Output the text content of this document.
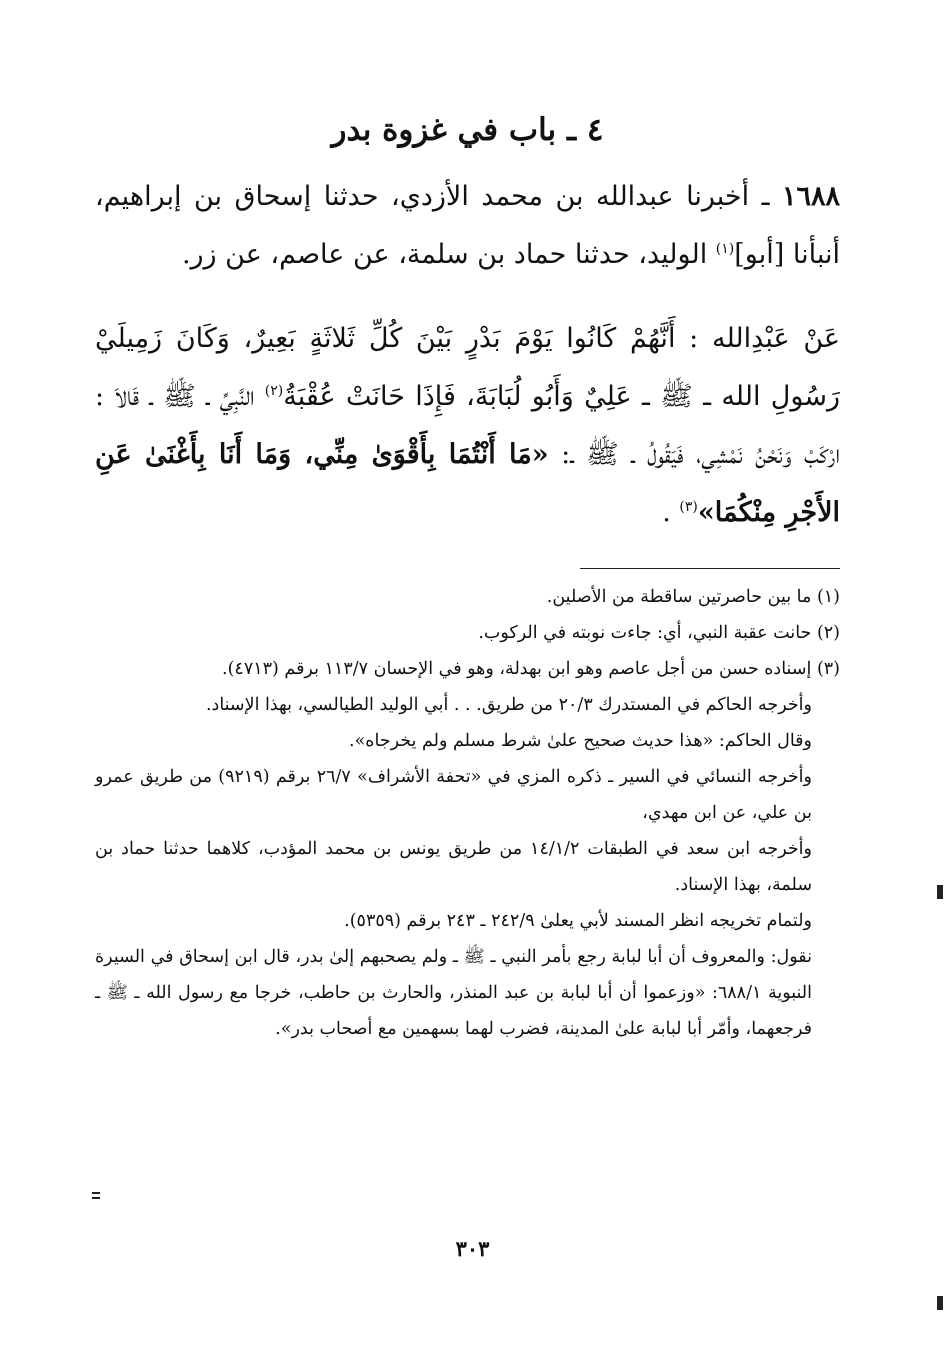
٤ ـ باب في غزوة بدر

١٦٨٨ ـ أخبرنا عبدالله بن محمد الأزدي، حدثنا إسحاق بن إبراهيم، أنبأنا [أبو]$^{(١)}$ الوليد، حدثنا حماد بن سلمة، عن عاصم، عن زر.

عَنْ عَبْدِالله : أَنَّهُمْ كَانُوا يَوْمَ بَدْرٍ بَيْنَ كُلِّ ثَلاثَةٍ بَعِيرٌ، وَكَانَ زَمِيلَيْ رَسُولِ الله ـ ﷺ ـ عَلِيٌ وَأَبُو لُبَابَةَ، فَإِذَا حَانَتْ عُقْبَةُ$^{(٢)}$ النَّبِيِّ ـ ﷺ ـ قَالاَ : ارْكَبْ وَنَحْنُ نَمْشِي، فَيَقُولُ ـ ﷺ ـ: «مَا أَنْتُمَا بِأَقْوَىٰ مِنِّي، وَمَا أَنَا بِأَغْنَىٰ عَنِ الأَجْرِ مِنْكُمَا»$^{(٣)}$ .

(١) ما بين حاصرتين ساقطة من الأصلين.

(٢) حانت عقبة النبي، أي: جاءت نوبته في الركوب.

(٣) إسناده حسن من أجل عاصم وهو ابن بهدلة، وهو في الإحسان ١١٣/٧ برقم (٤٧١٣).

وأخرجه الحاكم في المستدرك ٢٠/٣ من طريق. . . أبي الوليد الطيالسي، بهذا الإسناد.

وقال الحاكم: «هذا حديث صحيح علىٰ شرط مسلم ولم يخرجاه».

وأخرجه النسائي في السير ـ ذكره المزي في «تحفة الأشراف» ٢٦/٧ برقم (٩٢١٩) من طريق عمرو بن علي، عن ابن مهدي،

وأخرجه ابن سعد في الطبقات ١٤/١/٢ من طريق يونس بن محمد المؤدب، كلاهما حدثنا حماد بن سلمة، بهذا الإسناد.

ولتمام تخريجه انظر المسند لأبي يعلىٰ ٢٤٢/٩ ـ ٢٤٣ برقم (٥٣٥٩).

نقول: والمعروف أن أبا لبابة رجع بأمر النبي ـ ﷺ ـ ولم يصحبهم إلىٰ بدر، قال ابن إسحاق في السيرة النبوية ٦٨٨/١: «وزعموا أن أبا لبابة بن عبد المنذر، والحارث بن حاطب، خرجا مع رسول الله ـ ﷺ ـ فرجعهما، وأمّر أبا لبابة علىٰ المدينة، فضرب لهما بسهمين مع أصحاب بدر».

٣٠٣
